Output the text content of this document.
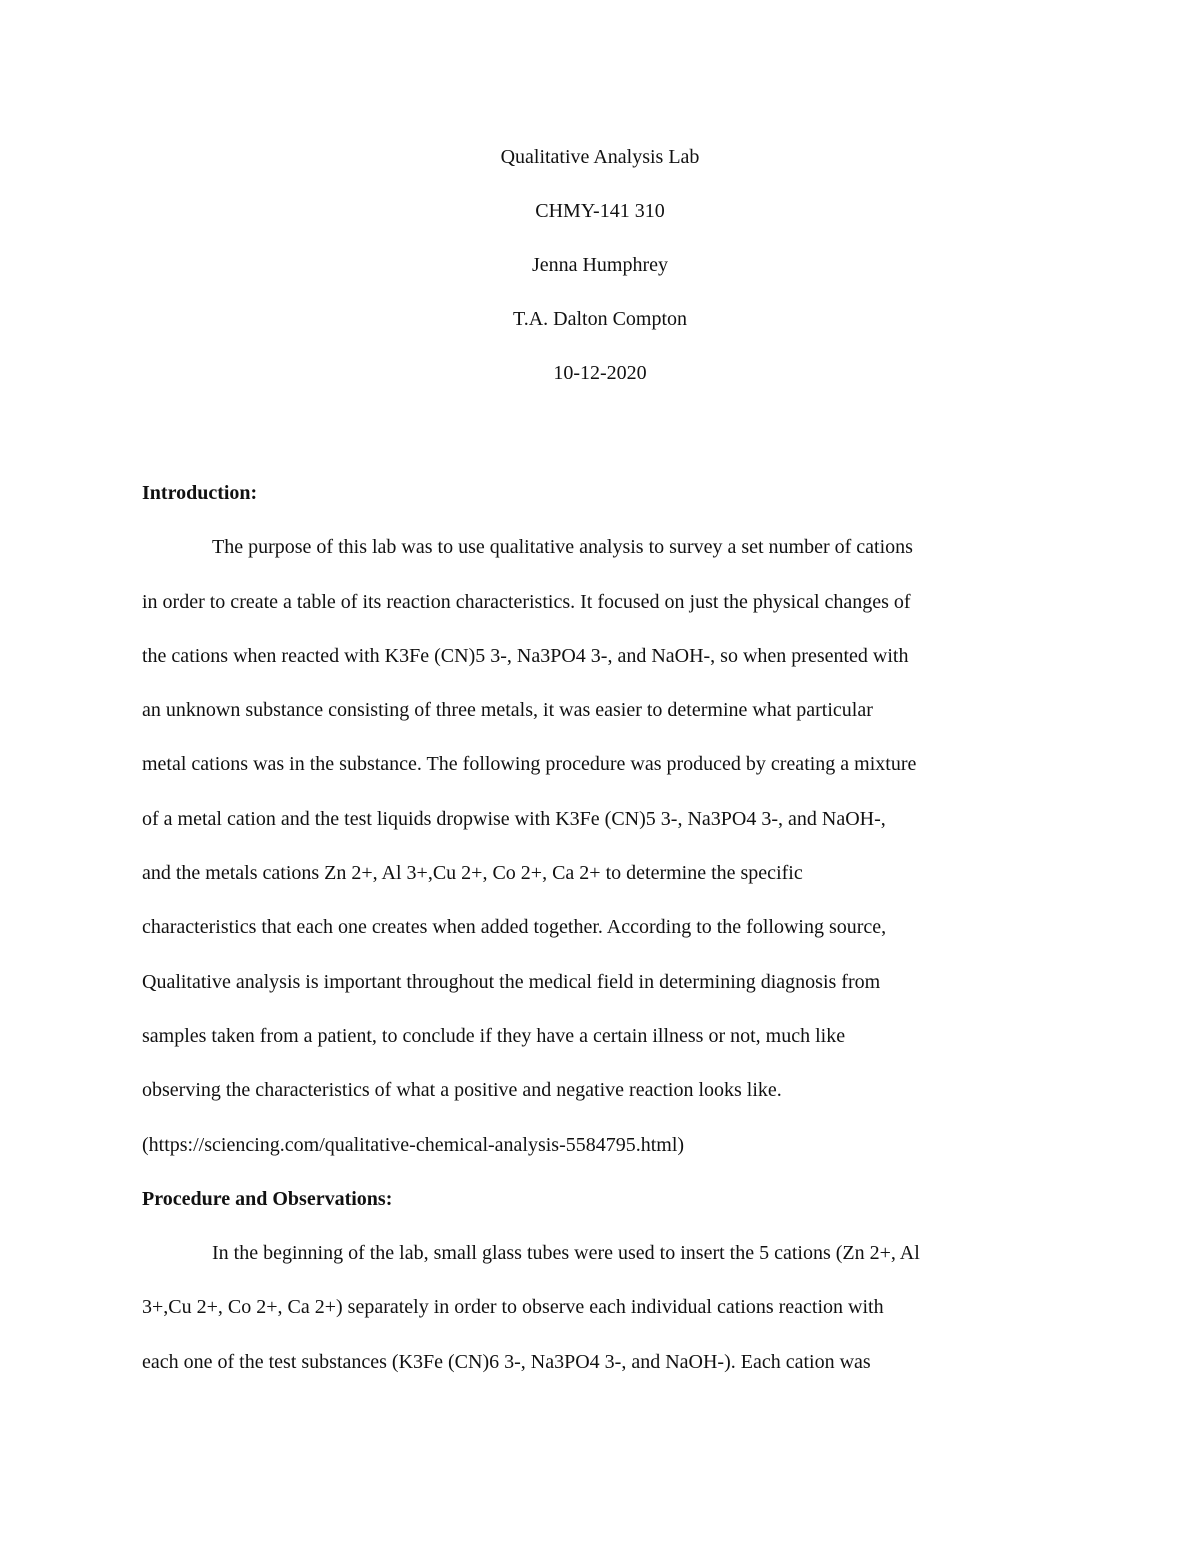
Qualitative Analysis Lab
CHMY-141 310
Jenna Humphrey
T.A. Dalton Compton
10-12-2020
Introduction:
The purpose of this lab was to use qualitative analysis to survey a set number of cations
in order to create a table of its reaction characteristics. It focused on just the physical changes of
the cations when reacted with K3Fe (CN)5 3-, Na3PO4 3-, and NaOH-, so when presented with
an unknown substance consisting of three metals, it was easier to determine what particular
metal cations was in the substance. The following procedure was produced by creating a mixture
of a metal cation and the test liquids dropwise with K3Fe (CN)5 3-, Na3PO4 3-, and NaOH-,
and the metals cations Zn 2+, Al 3+,Cu 2+, Co 2+, Ca 2+ to determine the specific
characteristics that each one creates when added together. According to the following source,
Qualitative analysis is important throughout the medical field in determining diagnosis from
samples taken from a patient, to conclude if they have a certain illness or not, much like
observing the characteristics of what a positive and negative reaction looks like.
(https://sciencing.com/qualitative-chemical-analysis-5584795.html)
Procedure and Observations:
In the beginning of the lab, small glass tubes were used to insert the 5 cations (Zn 2+, Al
3+,Cu 2+, Co 2+, Ca 2+) separately in order to observe each individual cations reaction with
each one of the test substances (K3Fe (CN)6 3-, Na3PO4 3-, and NaOH-). Each cation was
